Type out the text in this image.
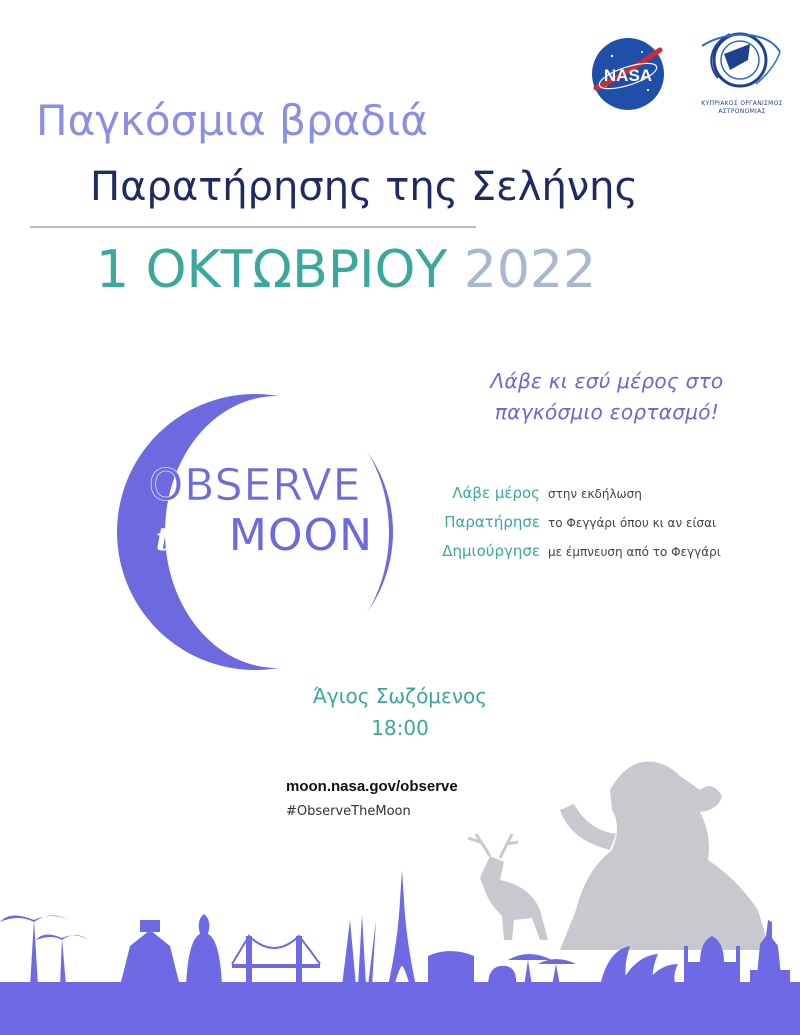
NASA
ΚΥΠΡΙΑΚΟΣ ΟΡΓΑΝΙΣΜΟΣ
ΑΣΤΡΟΝΟΜΙΑΣ
Παγκόσμια βραδιά
Παρατήρησης της Σελήνης
1 ΟΚΤΩΒΡΙΟΥ 2022
Λάβε κι εσύ μέρος στο
παγκόσμιο εορτασμό!
OBSERVE
the MOON
Λάβε μέρος στην εκδήλωση
Παρατήρησε το Φεγγάρι όπου κι αν είσαι
Δημιούργησε με έμπνευση από το Φεγγάρι
Άγιος Σωζόμενος
18:00
moon.nasa.gov/observe
#ObserveTheMoon
